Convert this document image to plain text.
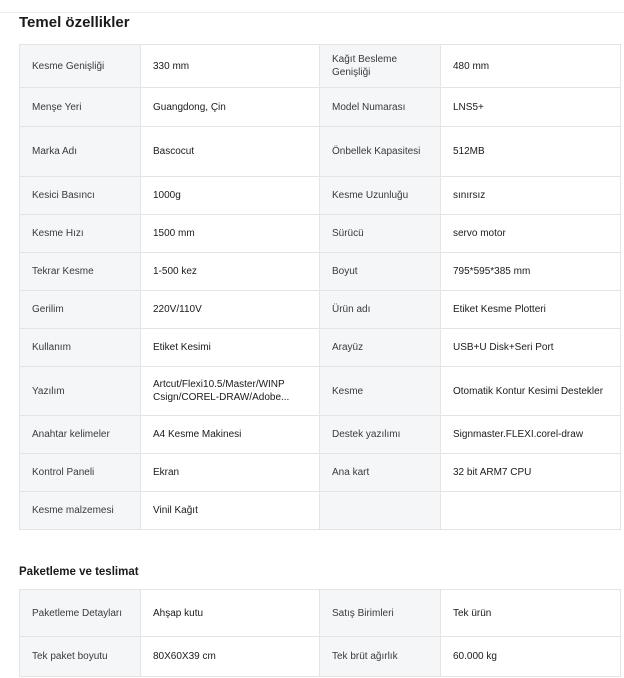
Temel özellikler
Kesme Genişliği	330 mm	Kağıt Besleme Genişliği	480 mm
Menşe Yeri	Guangdong, Çin	Model Numarası	LNS5+
Marka Adı	Bascocut	Önbellek Kapasitesi	512MB
Kesici Basıncı	1000g	Kesme Uzunluğu	sınırsız
Kesme Hızı	1500 mm	Sürücü	servo motor
Tekrar Kesme	1-500 kez	Boyut	795*595*385 mm
Gerilim	220V/110V	Ürün adı	Etiket Kesme Plotteri
Kullanım	Etiket Kesimi	Arayüz	USB+U Disk+Seri Port
Yazılım	Artcut/Flexi10.5/Master/WINP Csign/COREL-DRAW/Adobe...	Kesme	Otomatik Kontur Kesimi Destekler
Anahtar kelimeler	A4 Kesme Makinesi	Destek yazılımı	Signmaster.FLEXI.corel-draw
Kontrol Paneli	Ekran	Ana kart	32 bit ARM7 CPU
Kesme malzemesi	Vinil Kağıt		
Paketleme ve teslimat
Paketleme Detayları	Ahşap kutu	Satış Birimleri	Tek ürün
Tek paket boyutu	80X60X39 cm	Tek brüt ağırlık	60.000 kg
